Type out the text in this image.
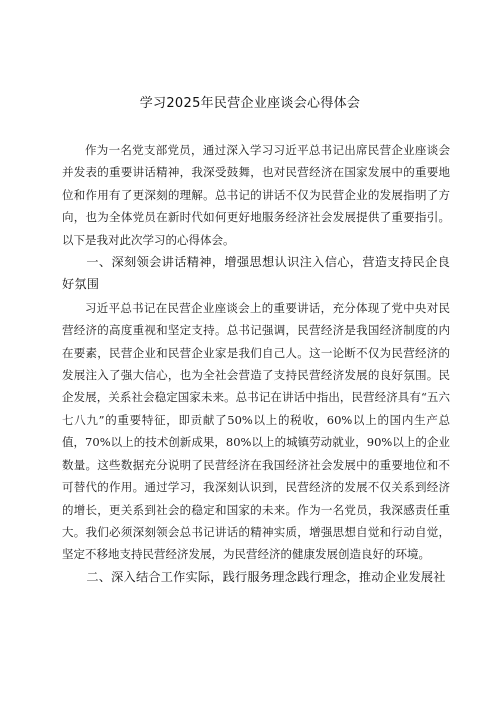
学习2025年民营企业座谈会心得体会

作为一名党支部党员，通过深入学习习近平总书记出席民营企业座谈会并发表的重要讲话精神，我深受鼓舞，也对民营经济在国家发展中的重要地位和作用有了更深刻的理解。总书记的讲话不仅为民营企业的发展指明了方向，也为全体党员在新时代如何更好地服务经济社会发展提供了重要指引。以下是我对此次学习的心得体会。

一、深刻领会讲话精神，增强思想认识注入信心，营造支持民企良好氛围

习近平总书记在民营企业座谈会上的重要讲话，充分体现了党中央对民营经济的高度重视和坚定支持。总书记强调，民营经济是我国经济制度的内在要素，民营企业和民营企业家是我们自己人。这一论断不仅为民营经济的发展注入了强大信心，也为全社会营造了支持民营经济发展的良好氛围。民企发展，关系社会稳定国家未来。总书记在讲话中指出，民营经济具有“五六七八九”的重要特征，即贡献了50%以上的税收，60%以上的国内生产总值，70%以上的技术创新成果，80%以上的城镇劳动就业，90%以上的企业数量。这些数据充分说明了民营经济在我国经济社会发展中的重要地位和不可替代的作用。通过学习，我深刻认识到，民营经济的发展不仅关系到经济的增长，更关系到社会的稳定和国家的未来。作为一名党员，我深感责任重大。我们必须深刻领会总书记讲话的精神实质，增强思想自觉和行动自觉，坚定不移地支持民营经济发展，为民营经济的健康发展创造良好的环境。

二、深入结合工作实际，践行服务理念践行理念，推动企业发展社
